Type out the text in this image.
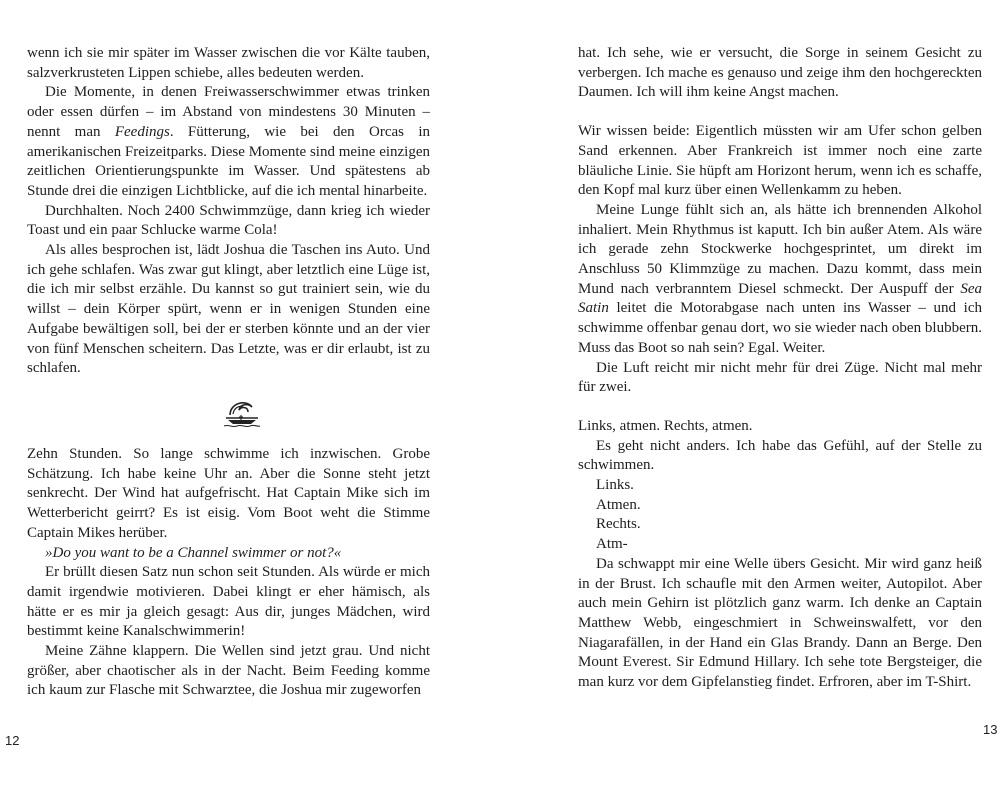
wenn ich sie mir später im Wasser zwischen die vor Kälte tauben, salzverkrusteten Lippen schiebe, alles bedeuten werden.

Die Momente, in denen Freiwasserschwimmer etwas trinken oder essen dürfen – im Abstand von mindestens 30 Minuten – nennt man Feedings. Fütterung, wie bei den Orcas in amerikanischen Freizeitparks. Diese Momente sind meine einzigen zeitlichen Orientierungspunkte im Wasser. Und spätestens ab Stunde drei die einzigen Lichtblicke, auf die ich mental hinarbeite.

Durchhalten. Noch 2400 Schwimmzüge, dann krieg ich wieder Toast und ein paar Schlucke warme Cola!

Als alles besprochen ist, lädt Joshua die Taschen ins Auto. Und ich gehe schlafen. Was zwar gut klingt, aber letztlich eine Lüge ist, die ich mir selbst erzähle. Du kannst so gut trainiert sein, wie du willst – dein Körper spürt, wenn er in wenigen Stunden eine Aufgabe bewältigen soll, bei der er sterben könnte und an der vier von fünf Menschen scheitern. Das Letzte, was er dir erlaubt, ist zu schlafen.

Zehn Stunden. So lange schwimme ich inzwischen. Grobe Schätzung. Ich habe keine Uhr an. Aber die Sonne steht jetzt senkrecht. Der Wind hat aufgefrischt. Hat Captain Mike sich im Wetterbericht geirrt? Es ist eisig. Vom Boot weht die Stimme Captain Mikes herüber.

»Do you want to be a Channel swimmer or not?«

Er brüllt diesen Satz nun schon seit Stunden. Als würde er mich damit irgendwie motivieren. Dabei klingt er eher hämisch, als hätte er es mir ja gleich gesagt: Aus dir, junges Mädchen, wird bestimmt keine Kanalschwimmerin!

Meine Zähne klappern. Die Wellen sind jetzt grau. Und nicht größer, aber chaotischer als in der Nacht. Beim Feeding komme ich kaum zur Flasche mit Schwarztee, die Joshua mir zugeworfen

12

hat. Ich sehe, wie er versucht, die Sorge in seinem Gesicht zu verbergen. Ich mache es genauso und zeige ihm den hochgereckten Daumen. Ich will ihm keine Angst machen.

Wir wissen beide: Eigentlich müssten wir am Ufer schon gelben Sand erkennen. Aber Frankreich ist immer noch eine zarte bläuliche Linie. Sie hüpft am Horizont herum, wenn ich es schaffe, den Kopf mal kurz über einen Wellenkamm zu heben.

Meine Lunge fühlt sich an, als hätte ich brennenden Alkohol inhaliert. Mein Rhythmus ist kaputt. Ich bin außer Atem. Als wäre ich gerade zehn Stockwerke hochgesprintet, um direkt im Anschluss 50 Klimmzüge zu machen. Dazu kommt, dass mein Mund nach verbranntem Diesel schmeckt. Der Auspuff der Sea Satin leitet die Motorabgase nach unten ins Wasser – und ich schwimme offenbar genau dort, wo sie wieder nach oben blubbern. Muss das Boot so nah sein? Egal. Weiter.

Die Luft reicht mir nicht mehr für drei Züge. Nicht mal mehr für zwei.

Links, atmen. Rechts, atmen.

Es geht nicht anders. Ich habe das Gefühl, auf der Stelle zu schwimmen.

Links.

Atmen.

Rechts.

Atm-

Da schwappt mir eine Welle übers Gesicht. Mir wird ganz heiß in der Brust. Ich schaufle mit den Armen weiter, Autopilot. Aber auch mein Gehirn ist plötzlich ganz warm. Ich denke an Captain Matthew Webb, eingeschmiert in Schweinswalfett, vor den Niagarafällen, in der Hand ein Glas Brandy. Dann an Berge. Den Mount Everest. Sir Edmund Hillary. Ich sehe tote Bergsteiger, die man kurz vor dem Gipfelanstieg findet. Erfroren, aber im T-Shirt.

13
